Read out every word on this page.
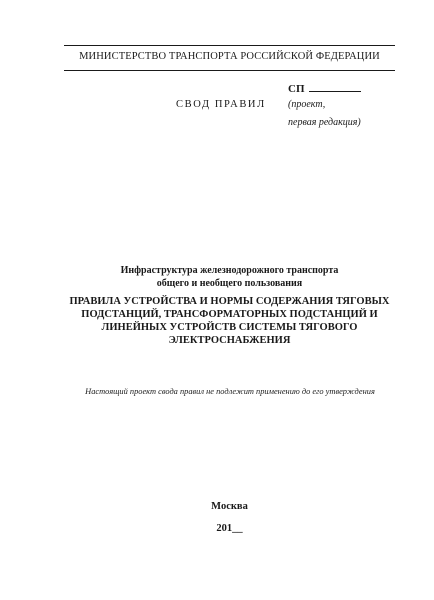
МИНИСТЕРСТВО ТРАНСПОРТА РОССИЙСКОЙ ФЕДЕРАЦИИ
СП
СВОД ПРАВИЛ (проект,
первая редакция)
Инфраструктура железнодорожного транспорта
общего и необщего пользования
ПРАВИЛА УСТРОЙСТВА И НОРМЫ СОДЕРЖАНИЯ ТЯГОВЫХ
ПОДСТАНЦИЙ, ТРАНСФОРМАТОРНЫХ ПОДСТАНЦИЙ И
ЛИНЕЙНЫХ УСТРОЙСТВ СИСТЕМЫ ТЯГОВОГО
ЭЛЕКТРОСНАБЖЕНИЯ
Настоящий проект свода правил не подлежит применению до его утверждения
Москва
201__
